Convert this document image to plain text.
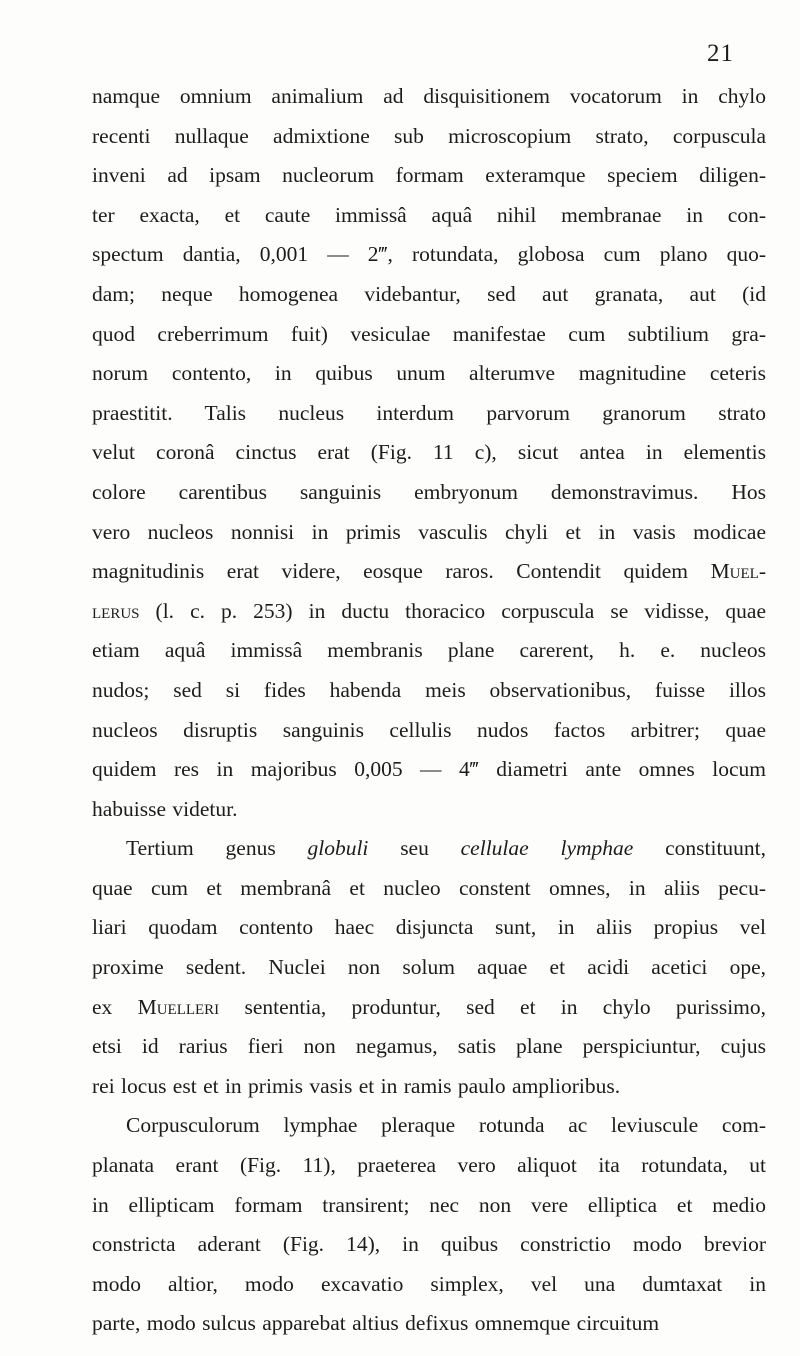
21
namque omnium animalium ad disquisitionem vocatorum in chylo
recenti nullaque admixtione sub microscopium strato, corpuscula
inveni ad ipsam nucleorum formam exteramque speciem diligen-
ter exacta, et caute immissâ aquâ nihil membranae in con-
spectum dantia, 0,001 — 2‴, rotundata, globosa cum plano quo-
dam; neque homogenea videbantur, sed aut granata, aut (id
quod creberrimum fuit) vesiculae manifestae cum subtilium gra-
norum contento, in quibus unum alterumve magnitudine ceteris
praestitit. Talis nucleus interdum parvorum granorum strato
velut coronâ cinctus erat (Fig. 11 c), sicut antea in elementis
colore carentibus sanguinis embryonum demonstravimus. Hos
vero nucleos nonnisi in primis vasculis chyli et in vasis modicae
magnitudinis erat videre, eosque raros. Contendit quidem Muel-
lerus (l. c. p. 253) in ductu thoracico corpuscula se vidisse, quae
etiam aquâ immissâ membranis plane carerent, h. e. nucleos
nudos; sed si fides habenda meis observationibus, fuisse illos
nucleos disruptis sanguinis cellulis nudos factos arbitrer; quae
quidem res in majoribus 0,005 — 4‴ diametri ante omnes locum
habuisse videtur.
Tertium genus globuli seu cellulae lymphae constituunt,
quae cum et membranâ et nucleo constent omnes, in aliis pecu-
liari quodam contento haec disjuncta sunt, in aliis propius vel
proxime sedent. Nuclei non solum aquae et acidi acetici ope,
ex Muelleri sententia, produntur, sed et in chylo purissimo,
etsi id rarius fieri non negamus, satis plane perspiciuntur, cujus
rei locus est et in primis vasis et in ramis paulo amplioribus.
Corpusculorum lymphae pleraque rotunda ac leviuscule com-
planata erant (Fig. 11), praeterea vero aliquot ita rotundata, ut
in ellipticam formam transirent; nec non vere elliptica et medio
constricta aderant (Fig. 14), in quibus constrictio modo brevior
modo altior, modo excavatio simplex, vel una dumtaxat in
parte, modo sulcus apparebat altius defixus omnemque circuitum
